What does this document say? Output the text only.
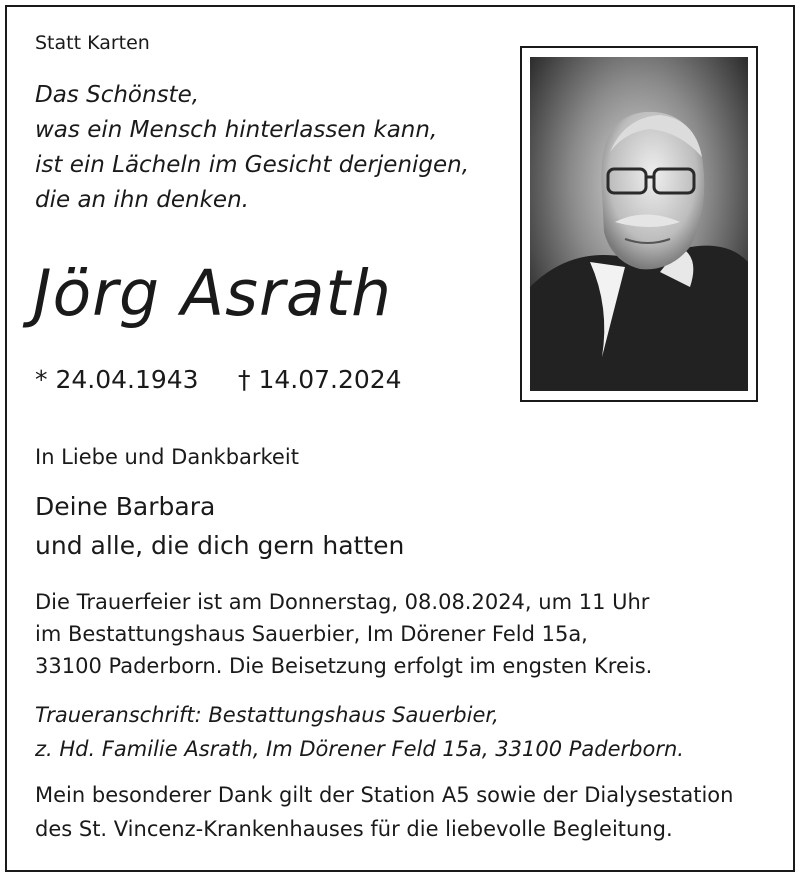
Statt Karten

Das Schönste,

was ein Mensch hinterlassen kann,

ist ein Lächeln im Gesicht derjenigen,

die an ihn denken.

Jörg Asrath

* 24.04.1943 † 14.07.2024

In Liebe und Dankbarkeit

Deine Barbara

und alle, die dich gern hatten

Die Trauerfeier ist am Donnerstag, 08.08.2024, um 11 Uhr

im Bestattungshaus Sauerbier, Im Dörener Feld 15a,

33100 Paderborn. Die Beisetzung erfolgt im engsten Kreis.

Traueranschrift: Bestattungshaus Sauerbier,

z. Hd. Familie Asrath, Im Dörener Feld 15a, 33100 Paderborn.

Mein besonderer Dank gilt der Station A5 sowie der Dialysestation

des St. Vincenz-Krankenhauses für die liebevolle Begleitung.
